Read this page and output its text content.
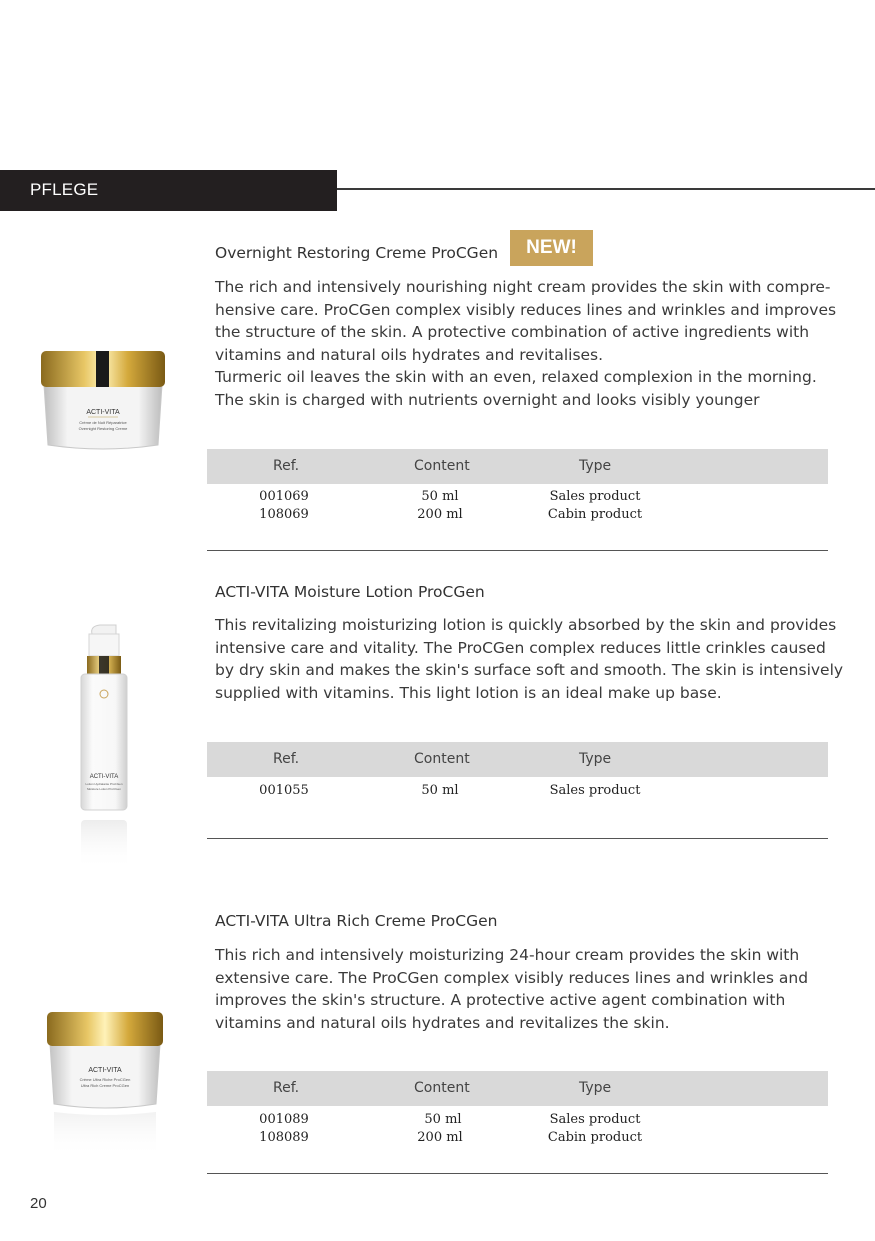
PFLEGE
ACTI-VITA
Crème de Nuit Réparatrice
Overnight Restoring Creme
Overnight Restoring Creme ProCGen	NEW!
The rich and intensively nourishing night cream provides the skin with compre-
hensive care. ProCGen complex visibly reduces lines and wrinkles and improves
the structure of the skin. A protective combination of active ingredients with
vitamins and natural oils hydrates and revitalises.
Turmeric oil leaves the skin with an even, relaxed complexion in the morning.
The skin is charged with nutrients overnight and looks visibly younger
Ref.	Content	Type
001069	50 ml	Sales product
108069	200 ml	Cabin product
ACTI-VITA
Lotion Hydratante ProCGen
Moisture Lotion ProCGen
ACTI-VITA Moisture Lotion ProCGen
This revitalizing moisturizing lotion is quickly absorbed by the skin and provides
intensive care and vitality. The ProCGen complex reduces little crinkles caused
by dry skin and makes the skin's surface soft and smooth. The skin is intensively
supplied with vitamins. This light lotion is an ideal make up base.
Ref.	Content	Type
001055	50 ml	Sales product
ACTI-VITA
Crème Ultra Riche ProCGen
Ultra Rich Creme ProCGen
ACTI-VITA Ultra Rich Creme ProCGen
This rich and intensively moisturizing 24-hour cream provides the skin with
extensive care. The ProCGen complex visibly reduces lines and wrinkles and
improves the skin's structure. A protective active agent combination with
vitamins and natural oils hydrates and revitalizes the skin.
Ref.	Content	Type
001089	50 ml	Sales product
108089	200 ml	Cabin product
20
